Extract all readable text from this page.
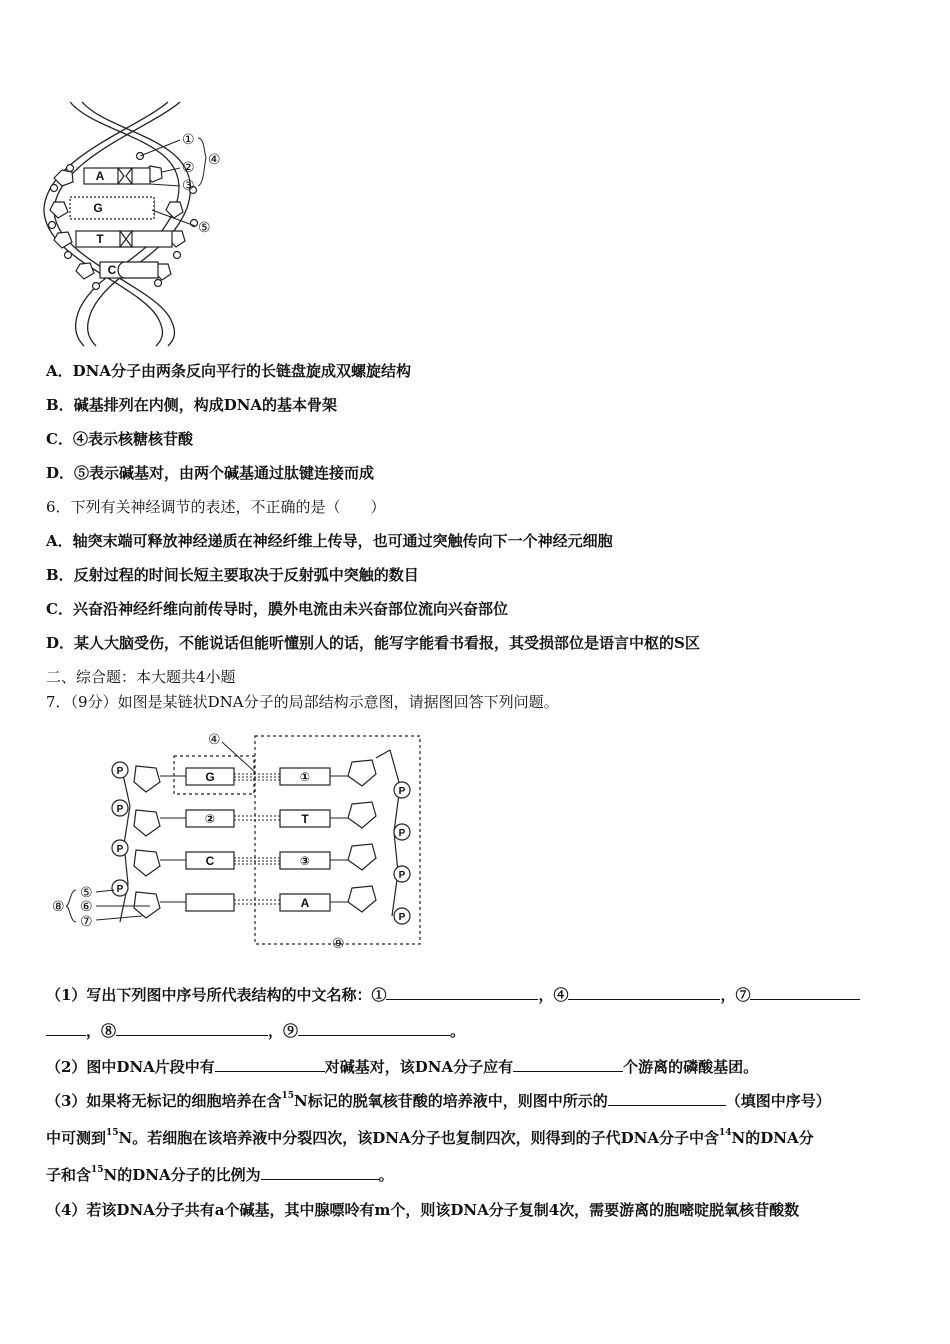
A
G
T
C
①
②
③
④
⑤
A．DNA分子由两条反向平行的长链盘旋成双螺旋结构
B．碱基排列在内侧，构成DNA的基本骨架
C．④表示核糖核苷酸
D．⑤表示碱基对，由两个碱基通过肽键连接而成
6．下列有关神经调节的表述，不正确的是（　　）
A．轴突末端可释放神经递质在神经纤维上传导，也可通过突触传向下一个神经元细胞
B．反射过程的时间长短主要取决于反射弧中突触的数目
C．兴奋沿神经纤维向前传导时，膜外电流由未兴奋部位流向兴奋部位
D．某人大脑受伤，不能说话但能听懂别人的话，能写字能看书看报，其受损部位是语言中枢的S区
二、综合题：本大题共4小题
7．（9分）如图是某链状DNA分子的局部结构示意图，请据图回答下列问题。
P
P
P
P
P
P
P
P
G
②
C
①
T
③
A
④
⑤
⑥
⑦
⑧
⑨
（1）写出下列图中序号所代表结构的中文名称：①	，④	，⑦
，⑧	，⑨	。
（2）图中DNA片段中有	对碱基对，该DNA分子应有	个游离的磷酸基团。
（3）如果将无标记的细胞培养在含$^{15}$N标记的脱氧核苷酸的培养液中，则图中所示的	（填图中序号）
中可测到$^{15}$N。若细胞在该培养液中分裂四次，该DNA分子也复制四次，则得到的子代DNA分子中含$^{14}$N的DNA分
子和含$^{15}$N的DNA分子的比例为	。
（4）若该DNA分子共有a个碱基，其中腺嘌呤有m个，则该DNA分子复制4次，需要游离的胞嘧啶脱氧核苷酸数
